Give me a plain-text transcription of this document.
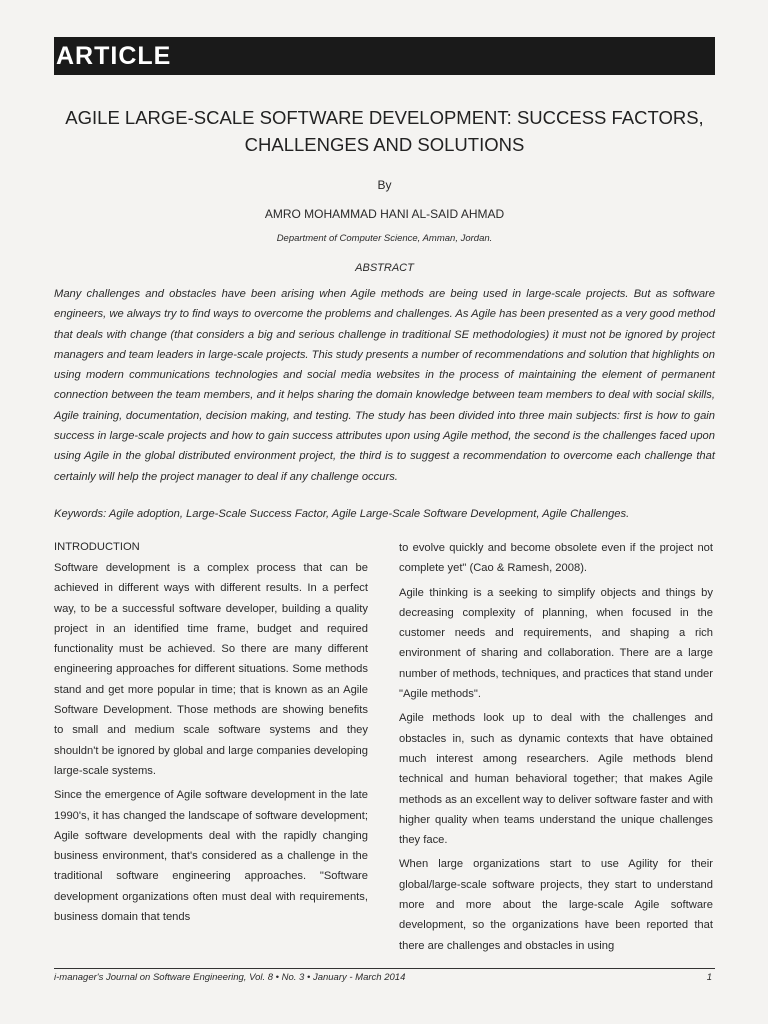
ARTICLE
AGILE LARGE-SCALE SOFTWARE DEVELOPMENT: SUCCESS FACTORS, CHALLENGES AND SOLUTIONS
By
AMRO MOHAMMAD HANI AL-SAID AHMAD
Department of Computer Science, Amman, Jordan.
ABSTRACT

Many challenges and obstacles have been arising when Agile methods are being used in large-scale projects. But as software engineers, we always try to find ways to overcome the problems and challenges. As Agile has been presented as a very good method that deals with change (that considers a big and serious challenge in traditional SE methodologies) it must not be ignored by project managers and team leaders in large-scale projects. This study presents a number of recommendations and solution that highlights on using modern communications technologies and social media websites in the process of maintaining the element of permanent connection between the team members, and it helps sharing the domain knowledge between team members to deal with social skills, Agile training, documentation, decision making, and testing. The study has been divided into three main subjects: first is how to gain success in large-scale projects and how to gain success attributes upon using Agile method, the second is the challenges faced upon using Agile in the global distributed environment project, the third is to suggest a recommendation to overcome each challenge that certainly will help the project manager to deal if any challenge occurs.

Keywords: Agile adoption, Large-Scale Success Factor, Agile Large-Scale Software Development, Agile Challenges.

INTRODUCTION

Software development is a complex process that can be achieved in different ways with different results. In a perfect way, to be a successful software developer, building a quality project in an identified time frame, budget and required functionality must be achieved. So there are many different engineering approaches for different situations. Some methods stand and get more popular in time; that is known as an Agile Software Development. Those methods are showing benefits to small and medium scale software systems and they shouldn't be ignored by global and large companies developing large-scale systems.

Since the emergence of Agile software development in the late 1990's, it has changed the landscape of software development; Agile software developments deal with the rapidly changing business environment, that's considered as a challenge in the traditional software engineering approaches. "Software development organizations often must deal with requirements, business domain that tends

to evolve quickly and become obsolete even if the project not complete yet" (Cao & Ramesh, 2008).

Agile thinking is a seeking to simplify objects and things by decreasing complexity of planning, when focused in the customer needs and requirements, and shaping a rich environment of sharing and collaboration. There are a large number of methods, techniques, and practices that stand under "Agile methods".

Agile methods look up to deal with the challenges and obstacles in, such as dynamic contexts that have obtained much interest among researchers. Agile methods blend technical and human behavioral together; that makes Agile methods as an excellent way to deliver software faster and with higher quality when teams understand the unique challenges they face.

When large organizations start to use Agility for their global/large-scale software projects, they start to understand more and more about the large-scale Agile software development, so the organizations have been reported that there are challenges and obstacles in using

i-manager's Journal on Software Engineering, Vol. 8 • No. 3 • January - March 2014	1
